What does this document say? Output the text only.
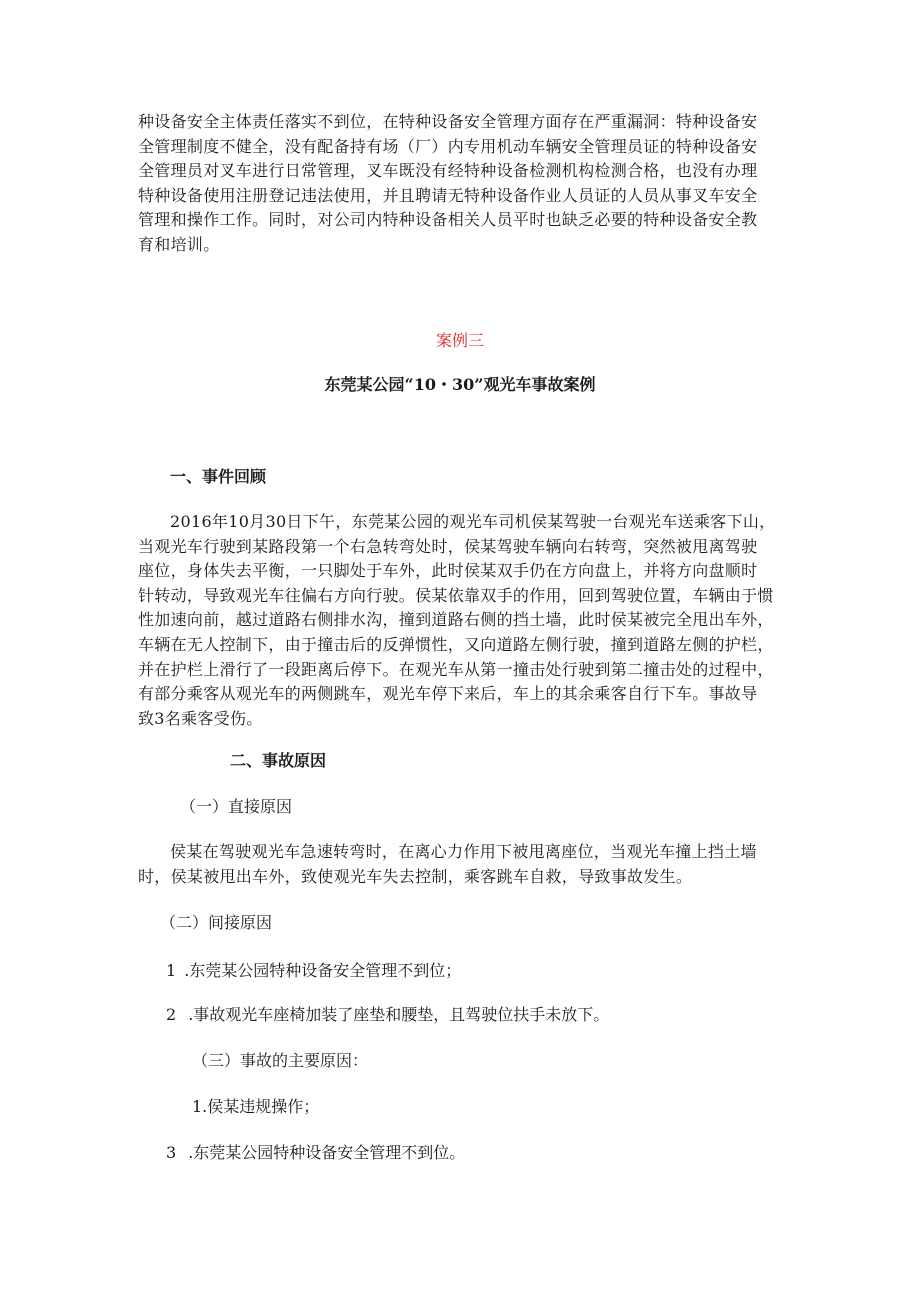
种设备安全主体责任落实不到位，在特种设备安全管理方面存在严重漏洞：特种设备安
全管理制度不健全，没有配备持有场（厂）内专用机动车辆安全管理员证的特种设备安
全管理员对叉车进行日常管理，叉车既没有经特种设备检测机构检测合格，也没有办理
特种设备使用注册登记违法使用，并且聘请无特种设备作业人员证的人员从事叉车安全
管理和操作工作。同时，对公司内特种设备相关人员平时也缺乏必要的特种设备安全教
育和培训。

案例三

东莞某公园“10・30”观光车事故案例

一、事件回顾

2016年10月30日下午，东莞某公园的观光车司机侯某驾驶一台观光车送乘客下山，
当观光车行驶到某路段第一个右急转弯处时，侯某驾驶车辆向右转弯，突然被甩离驾驶
座位，身体失去平衡，一只脚处于车外，此时侯某双手仍在方向盘上，并将方向盘顺时
针转动，导致观光车往偏右方向行驶。侯某依靠双手的作用，回到驾驶位置，车辆由于惯
性加速向前，越过道路右侧排水沟，撞到道路右侧的挡土墙，此时侯某被完全甩出车外，
车辆在无人控制下，由于撞击后的反弹惯性，又向道路左侧行驶，撞到道路左侧的护栏，
并在护栏上滑行了一段距离后停下。在观光车从第一撞击处行驶到第二撞击处的过程中，
有部分乘客从观光车的两侧跳车，观光车停下来后，车上的其余乘客自行下车。事故导
致3名乘客受伤。

二、事故原因

（一）直接原因

侯某在驾驶观光车急速转弯时，在离心力作用下被甩离座位，当观光车撞上挡土墙
时，侯某被甩出车外，致使观光车失去控制，乘客跳车自救，导致事故发生。

（二）间接原因

1 .东莞某公园特种设备安全管理不到位；

2 .事故观光车座椅加装了座垫和腰垫，且驾驶位扶手未放下。

（三）事故的主要原因：

1.侯某违规操作；

3 .东莞某公园特种设备安全管理不到位。
